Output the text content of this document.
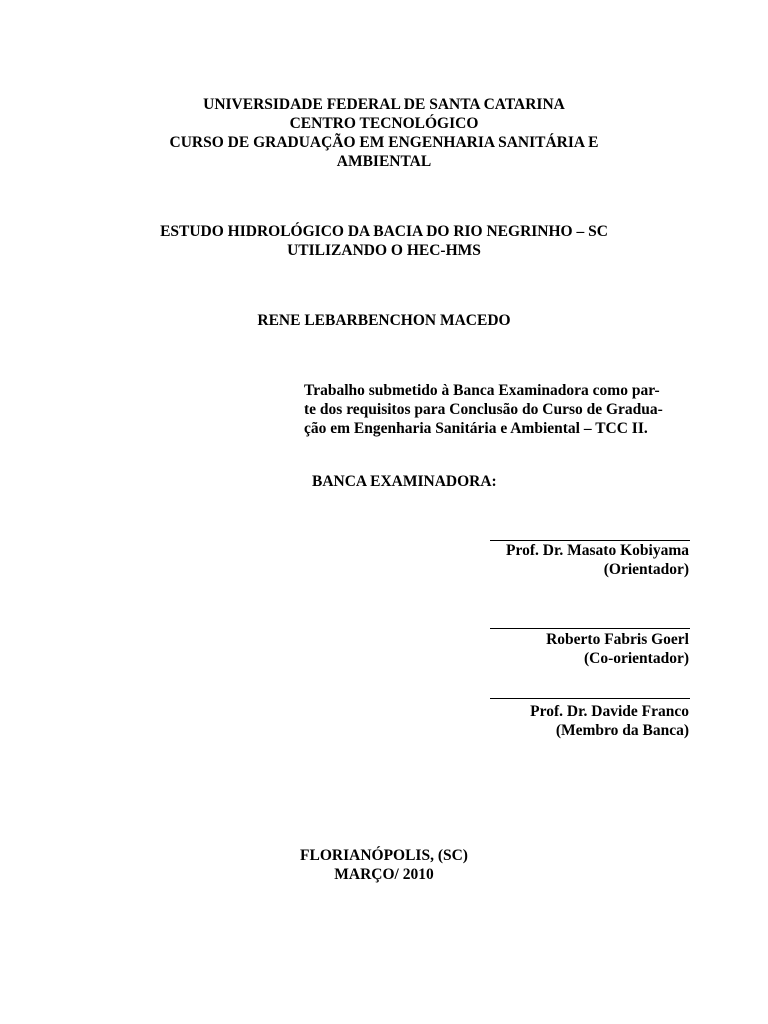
UNIVERSIDADE FEDERAL DE SANTA CATARINA
CENTRO TECNOLÓGICO
CURSO DE GRADUAÇÃO EM ENGENHARIA SANITÁRIA E
AMBIENTAL
ESTUDO HIDROLÓGICO DA BACIA DO RIO NEGRINHO – SC
UTILIZANDO O HEC-HMS
RENE LEBARBENCHON MACEDO
Trabalho submetido à Banca Examinadora como par-
te dos requisitos para Conclusão do Curso de Gradua-
ção em Engenharia Sanitária e Ambiental – TCC II.
BANCA EXAMINADORA:
Prof. Dr. Masato Kobiyama
(Orientador)
Roberto Fabris Goerl
(Co-orientador)
Prof. Dr. Davide Franco
(Membro da Banca)
FLORIANÓPOLIS, (SC)
MARÇO/ 2010
